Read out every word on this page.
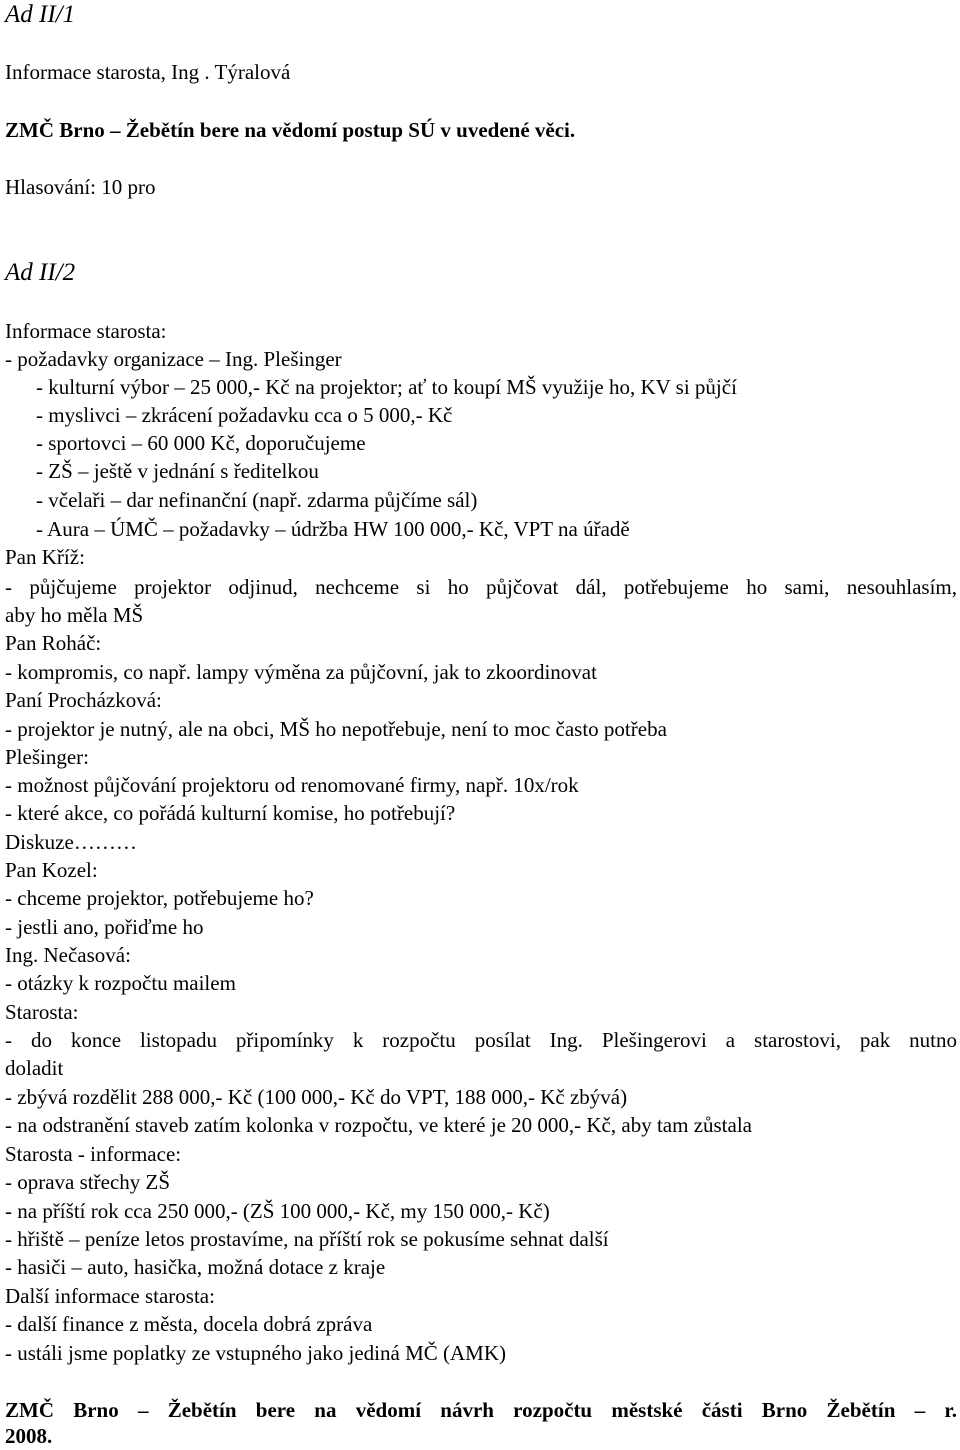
Ad II/1
Informace starosta, Ing . Týralová
ZMČ Brno – Žebětín bere na vědomí postup SÚ v uvedené věci.
Hlasování: 10 pro
Ad II/2
Informace starosta:
- požadavky organizace – Ing. Plešinger
- kulturní výbor – 25 000,- Kč na projektor; ať to koupí MŠ využije ho, KV si půjčí
- myslivci – zkrácení požadavku cca o 5 000,- Kč
- sportovci – 60 000 Kč, doporučujeme
- ZŠ – ještě v jednání s ředitelkou
- včelaři – dar nefinanční (např. zdarma půjčíme sál)
- Aura – ÚMČ – požadavky – údržba HW 100 000,- Kč, VPT na úřadě
Pan Kříž:
- půjčujeme projektor odjinud, nechceme si ho půjčovat dál, potřebujeme ho sami, nesouhlasím,
aby ho měla MŠ
Pan Roháč:
- kompromis, co např. lampy výměna za půjčovní, jak to zkoordinovat
Paní Procházková:
- projektor je nutný, ale na obci, MŠ ho nepotřebuje, není to moc často potřeba
Plešinger:
- možnost půjčování projektoru od renomované firmy, např. 10x/rok
- které akce, co pořádá kulturní komise, ho potřebují?
Diskuze………
Pan Kozel:
- chceme projektor, potřebujeme ho?
- jestli ano, pořiďme ho
Ing. Nečasová:
- otázky k rozpočtu mailem
Starosta:
- do konce listopadu připomínky k rozpočtu posílat Ing. Plešingerovi a starostovi, pak nutno
doladit
- zbývá rozdělit 288 000,- Kč (100 000,- Kč do VPT, 188 000,- Kč zbývá)
- na odstranění staveb zatím kolonka v rozpočtu, ve které je 20 000,- Kč, aby tam zůstala
Starosta - informace:
- oprava střechy ZŠ
- na příští rok cca 250 000,- (ZŠ 100 000,- Kč, my 150 000,- Kč)
- hřiště – peníze letos prostavíme, na příští rok se pokusíme sehnat další
- hasiči – auto, hasička, možná dotace z kraje
Další informace starosta:
- další finance z města, docela dobrá zpráva
- ustáli jsme poplatky ze vstupného jako jediná MČ (AMK)
ZMČ Brno – Žebětín bere na vědomí návrh rozpočtu městské části Brno Žebětín – r.
2008.
